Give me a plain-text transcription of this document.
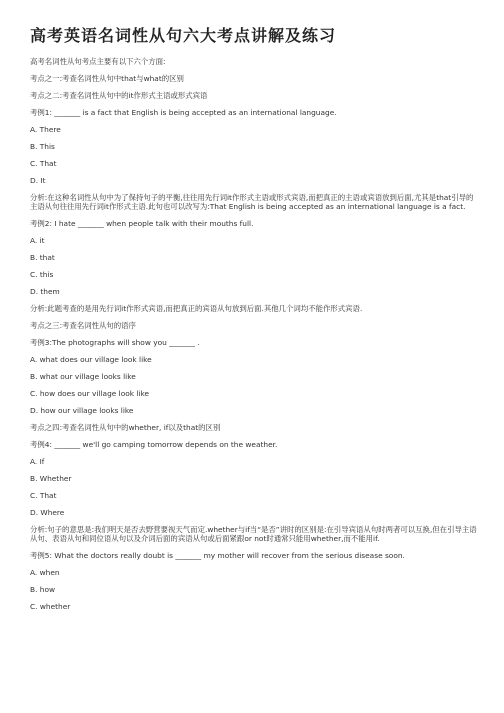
高考英语名词性从句六大考点讲解及练习
高考名词性从句考点主要有以下六个方面:
考点之一:考查名词性从句中that与what的区别
考点之二:考查名词性从句中的it作形式主语或形式宾语
考例1: _______ is a fact that English is being accepted as an international language.
A. There
B. This
C. That
D. It
分析:在这种名词性从句中为了保持句子的平衡,往往用先行词it作形式主语或形式宾语,而把真正的主语或宾语放到后面,尤其是that引导的主语从句往往用先行词it作形式主语.此句也可以改写为:That English is being accepted as an international language is a fact.
考例2: I hate _______ when people talk with their mouths full.
A. it
B. that
C. this
D. them
分析:此题考查的是用先行词it作形式宾语,而把真正的宾语从句放到后面.其他几个词均不能作形式宾语.
考点之三:考查名词性从句的语序
考例3:The photographs will show you _______ .
A. what does our village look like
B. what our village looks like
C. how does our village look like
D. how our village looks like
考点之四:考查名词性从句中的whether, if以及that的区别
考例4: _______ we'll go camping tomorrow depends on the weather.
A. If
B. Whether
C. That
D. Where
分析:句子的意思是:我们明天是否去野营要视天气而定.whether与if当“是否”讲时的区别是:在引导宾语从句时两者可以互换,但在引导主语从句、表语从句和同位语从句以及介词后面的宾语从句或后面紧跟or not时通常只能用whether,而不能用if.
考例5: What the doctors really doubt is _______ my mother will recover from the serious disease soon.
A. when
B. how
C. whether
